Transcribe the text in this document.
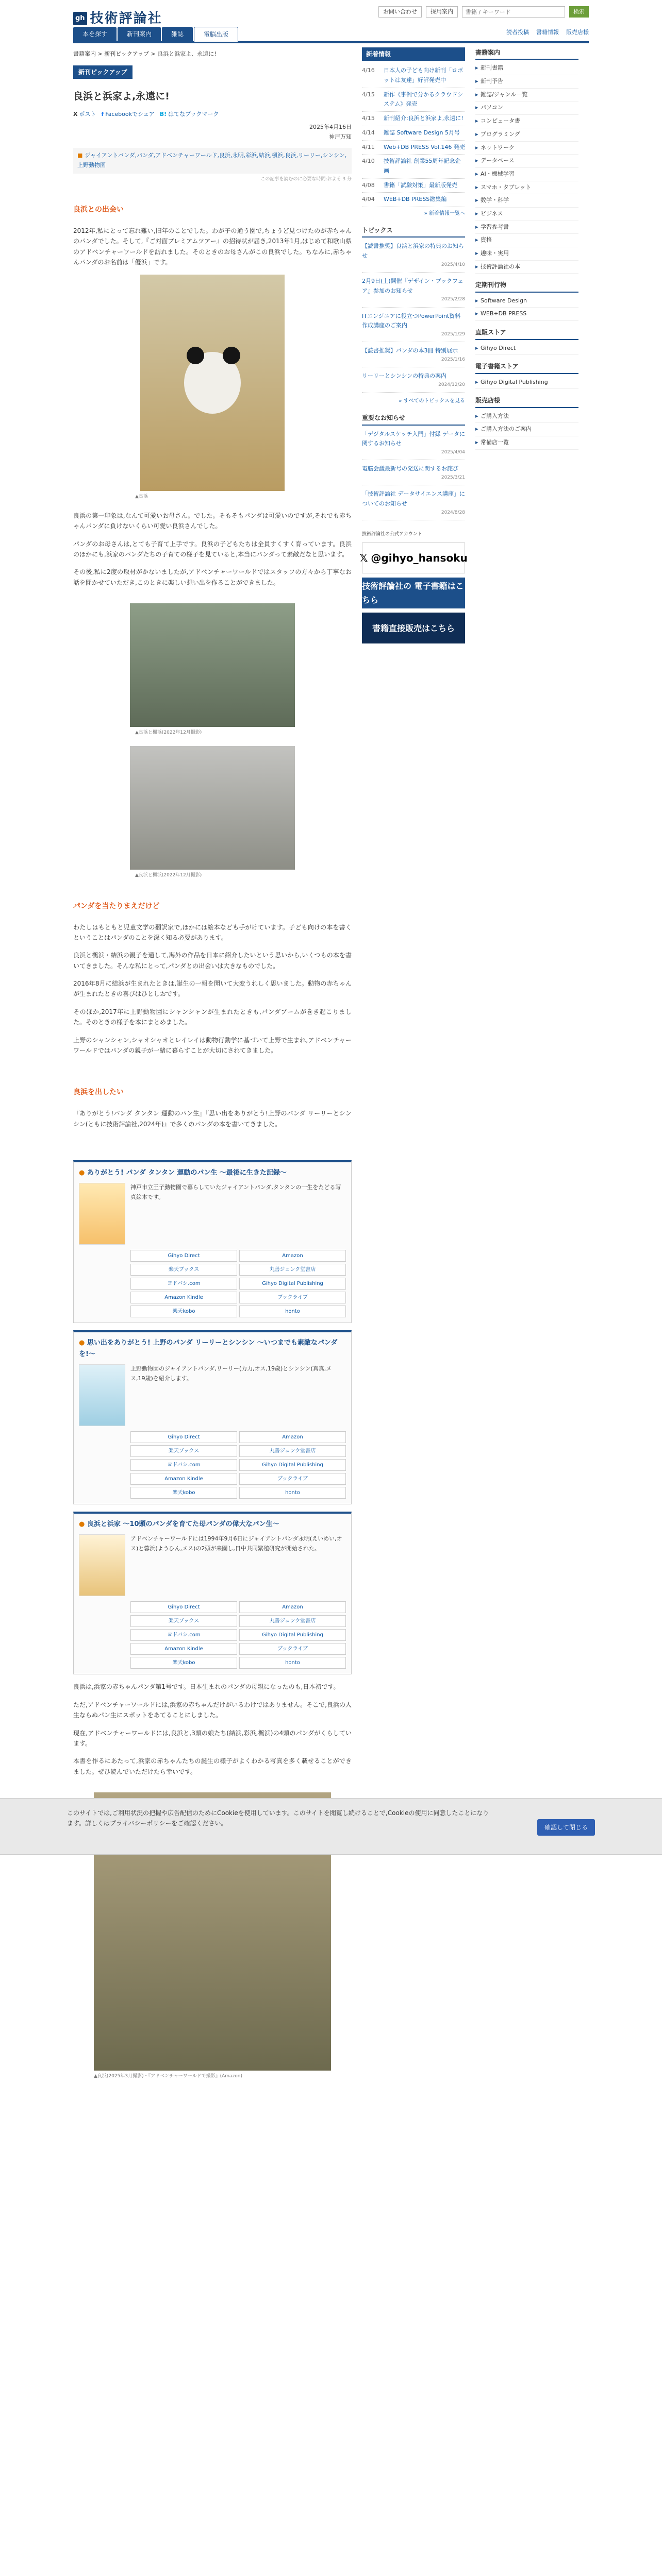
gh 技術評論社	お問い合わせ	採用案内
書籍 / キーワード	検索
本を探す	新刊案内	雑誌	電脳出版	読者投稿 書籍情報 販売店様
書籍案内 > 新刊ピックアップ > 良浜と浜家よ、永遠に!
新刊ピックアップ
良浜と浜家よ,永遠に!
X ポスト f Facebookでシェア B! はてなブックマーク
2025年4月16日
神戸万知
■ ジャイアントパンダ,パンダ,アドベンチャーワールド,良浜,永明,彩浜,結浜,楓浜,良浜,リーリー,シンシン,上野動物園
この記事を読むのに必要な時間:およそ 3 分
良浜との出会い

2012年,私にとって忘れ難い,旧年のことでした。わが子の通う園で,ちょうど見つけたのが赤ちゃんのパンダでした。そして,『ご対面プレミアムツアー』の招待状が届き,2013年1月,はじめて和歌山県のアドベンチャーワールドを訪れました。そのときのお母さんがこの良浜でした。ちなみに,赤ちゃんパンダのお名前は「優浜」です。

▲良浜

良浜の第一印象は,なんて可愛いお母さん。でした。そもそもパンダは可愛いのですが,それでも赤ちゃんパンダに負けないくらい可愛い良浜さんでした。

パンダのお母さんは,とても子育て上手です。良浜の子どもたちは全員すくすく育っています。良浜のほかにも,浜家のパンダたちの子育ての様子を見ていると,本当にパンダって素敵だなと思います。

その後,私に2度の取材がかないましたが,アドベンチャーワールドではスタッフの方々から丁寧なお話を聞かせていただき,このときに楽しい想い出を作ることができました。

▲良浜と楓浜(2022年12月撮影)
▲良浜と楓浜(2022年12月撮影)
パンダを当たりまえだけど

わたしはもともと児童文学の翻訳家で,ほかには絵本なども手がけています。子ども向けの本を書くということはパンダのことを深く知る必要があります。

良浜と楓浜・結浜の親子を通して,海外の作品を日本に紹介したいという思いから,いくつもの本を書いてきました。そんな私にとって,パンダとの出会いは大きなものでした。

2016年8月に結浜が生まれたときは,誕生の一報を聞いて大変うれしく思いました。動物の赤ちゃんが生まれたときの喜びはひとしおです。

そのほか,2017年に上野動物園にシャンシャンが生まれたときも,パンダブームが巻き起こりました。そのときの様子を本にまとめました。

上野のシャンシャン,シャオシャオとレイレイは動物行動学に基づいて上野で生まれ,アドベンチャーワールドではパンダの親子が一緒に暮らすことが大切にされてきました。

良浜を出したい

『ありがとう!パンダ タンタン 運動のパン生』『思い出をありがとう!上野のパンダ リーリーとシンシン(ともに技術評論社,2024年)』で多くのパンダの本を書いてきました。

● ありがとう! パンダ タンタン 運動のパン生 〜最後に生きた記録〜
神戸市立王子動物園で暮らしていたジャイアントパンダ,タンタンの一生をたどる写真絵本です。
Gihyo Direct	Amazon
楽天ブックス	丸善ジュンク堂書店
ヨドバシ.com	Gihyo Digital Publishing
Amazon Kindle	ブックライブ
楽天kobo	honto
● 思い出をありがとう! 上野のパンダ リーリーとシンシン 〜いつまでも素敵なパンダを!〜
上野動物園のジャイアントパンダ,リーリー(力力,オス,19歳)とシンシン(真真,メス,19歳)を紹介します。
Gihyo Direct	Amazon
楽天ブックス	丸善ジュンク堂書店
ヨドバシ.com	Gihyo Digital Publishing
Amazon Kindle	ブックライブ
楽天kobo	honto
● 良浜と浜家 〜10頭のパンダを育てた母パンダの偉大なパン生〜
アドベンチャーワールドには1994年9月6日にジャイアントパンダ永明(えいめい,オス)と蓉浜(ようひん,メス)の2頭が来園し,日中共同繁殖研究が開始された。
Gihyo Direct	Amazon
楽天ブックス	丸善ジュンク堂書店
ヨドバシ.com	Gihyo Digital Publishing
Amazon Kindle	ブックライブ
楽天kobo	honto

良浜は,浜家の赤ちゃんパンダ第1号です。日本生まれのパンダの母親になったのも,日本初です。

ただ,アドベンチャーワールドには,浜家の赤ちゃんだけがいるわけではありません。そこで,良浜の人生ならぬパン生にスポットをあてることにしました。

現在,アドベンチャーワールドには,良浜と,3頭の娘たち(結浜,彩浜,楓浜)の4頭のパンダがくらしています。

本書を作るにあたって,浜家の赤ちゃんたちの誕生の様子がよくわかる写真を多く載せることができました。ぜひ読んでいただけたら幸いです。

▲良浜(2025年3月撮影)・『アドベンチャーワールドで撮影』(Amazon)
新着情報
4/16	日本人の子ども向け新刊「ロボットは友達」好評発売中
4/15	新作《事例で分かるクラウドシステム》発売
4/15	新刊紹介:良浜と浜家よ,永遠に!
4/14	雑誌 Software Design 5月号
4/11	Web+DB PRESS Vol.146 発売
4/10	技術評論社 創業55周年記念企画
4/08	書籍「試験対策」最新版発売
4/04	WEB+DB PRESS総集編
» 新着情報一覧へ
トピックス
【読書推奨】良浜と浜家の特典のお知らせ
2025/4/10
2月9日(土)開催『デザイン・ブックフェア』参加のお知らせ
2025/2/28
ITエンジニアに役立つPowerPoint資料作成講座のご案内
2025/1/29
【読書推奨】パンダの本3冊 特別展示
2025/1/16
リーリーとシンシンの特典の案内
2024/12/20
» すべてのトピックスを見る
重要なお知らせ
「デジタルスケッチ入門」付録 データに関するお知らせ
2025/4/04
電脳会議最新号の発送に関するお詫び
2025/3/21
「技術評論社 データサイエンス講座」についてのお知らせ
2024/8/28
技術評論社の公式アカウント
𝕏 @gihyo_hansoku
技術評論社の 電子書籍はこちら
書籍直接販売はこちら
書籍案内
▸ 新刊書籍
▸ 新刊予告
▸ 雑誌/ジャンル一覧
▸ パソコン
▸ コンピュータ書
▸ プログラミング
▸ ネットワーク
▸ データベース
▸ AI・機械学習
▸ スマホ・タブレット
▸ 数学・科学
▸ ビジネス
▸ 学習参考書
▸ 資格
▸ 趣味・実用
▸ 技術評論社の本
定期刊行物
▸ Software Design
▸ WEB+DB PRESS
直販ストア
▸ Gihyo Direct
電子書籍ストア
▸ Gihyo Digital Publishing
販売店様
▸ ご購入方法
▸ ご購入方法のご案内
▸ 常備店一覧
このサイトでは,ご利用状況の把握や広告配信のためにCookieを使用しています。このサイトを閲覧し続けることで,Cookieの使用に同意したことになります。詳しくはプライバシーポリシーをご確認ください。
確認して閉じる
